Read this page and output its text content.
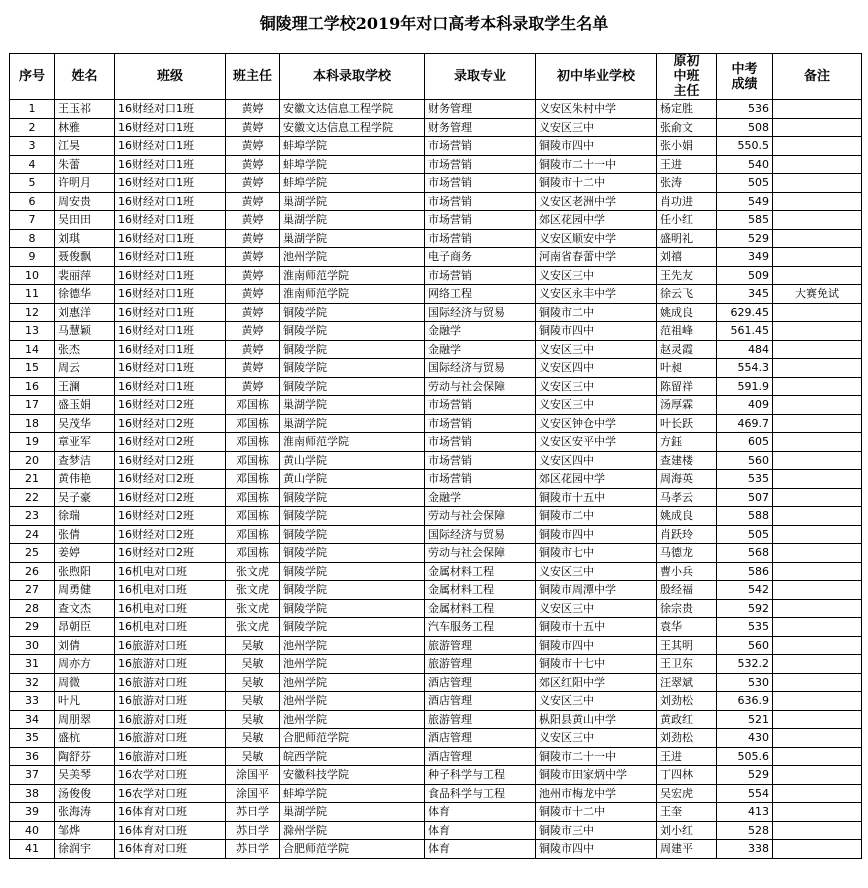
铜陵理工学校2019年对口高考本科录取学生名单
序号	姓名	班级	班主任	本科录取学校	录取专业	初中毕业学校	原初中班主任	中考成绩	备注
1	王玉祁	16财经对口1班	黄婷	安徽文达信息工程学院	财务管理	义安区朱村中学	杨定胜	536	
2	林雅	16财经对口1班	黄婷	安徽文达信息工程学院	财务管理	义安区三中	张俞文	508	
3	江昊	16财经对口1班	黄婷	蚌埠学院	市场营销	铜陵市四中	张小娟	550.5	
4	朱蕾	16财经对口1班	黄婷	蚌埠学院	市场营销	铜陵市二十一中	王进	540	
5	许明月	16财经对口1班	黄婷	蚌埠学院	市场营销	铜陵市十二中	张涛	505	
6	周安贵	16财经对口1班	黄婷	巢湖学院	市场营销	义安区老洲中学	肖功进	549	
7	吴田田	16财经对口1班	黄婷	巢湖学院	市场营销	郊区花园中学	任小红	585	
8	刘琪	16财经对口1班	黄婷	巢湖学院	市场营销	义安区顺安中学	盛明礼	529	
9	聂俊飘	16财经对口1班	黄婷	池州学院	电子商务	河南省春蕾中学	刘禧	349	
10	裴丽萍	16财经对口1班	黄婷	淮南师范学院	市场营销	义安区三中	王先友	509	
11	徐德华	16财经对口1班	黄婷	淮南师范学院	网络工程	义安区永丰中学	徐云飞	345	大赛免试
12	刘惠洋	16财经对口1班	黄婷	铜陵学院	国际经济与贸易	铜陵市二中	姚成良	629.45	
13	马慧颖	16财经对口1班	黄婷	铜陵学院	金融学	铜陵市四中	范祖峰	561.45	
14	张杰	16财经对口1班	黄婷	铜陵学院	金融学	义安区三中	赵灵霞	484	
15	周云	16财经对口1班	黄婷	铜陵学院	国际经济与贸易	义安区四中	叶昶	554.3	
16	王澜	16财经对口1班	黄婷	铜陵学院	劳动与社会保障	义安区三中	陈留祥	591.9	
17	盛玉娟	16财经对口2班	邓国栋	巢湖学院	市场营销	义安区三中	汤厚霖	409	
18	吴茂华	16财经对口2班	邓国栋	巢湖学院	市场营销	义安区钟仓中学	叶长跃	469.7	
19	章亚军	16财经对口2班	邓国栋	淮南师范学院	市场营销	义安区安平中学	方鈺	605	
20	查梦洁	16财经对口2班	邓国栋	黄山学院	市场营销	义安区四中	查建楼	560	
21	黄伟艳	16财经对口2班	邓国栋	黄山学院	市场营销	郊区花园中学	周海英	535	
22	吴子豪	16财经对口2班	邓国栋	铜陵学院	金融学	铜陵市十五中	马孝云	507	
23	徐瑞	16财经对口2班	邓国栋	铜陵学院	劳动与社会保障	铜陵市二中	姚成良	588	
24	张倩	16财经对口2班	邓国栋	铜陵学院	国际经济与贸易	铜陵市四中	肖跃玲	505	
25	姜婷	16财经对口2班	邓国栋	铜陵学院	劳动与社会保障	铜陵市七中	马德龙	568	
26	张煦阳	16机电对口班	张文虎	铜陵学院	金属材料工程	义安区三中	曹小兵	586	
27	周勇健	16机电对口班	张文虎	铜陵学院	金属材料工程	铜陵市周潭中学	殷经福	542	
28	查文杰	16机电对口班	张文虎	铜陵学院	金属材料工程	义安区三中	徐宗贵	592	
29	昂朝臣	16机电对口班	张文虎	铜陵学院	汽车服务工程	铜陵市十五中	袁华	535	
30	刘倩	16旅游对口班	吴敏	池州学院	旅游管理	铜陵市四中	王其明	560	
31	周亦方	16旅游对口班	吴敏	池州学院	旅游管理	铜陵市十七中	王卫东	532.2	
32	周微	16旅游对口班	吴敏	池州学院	酒店管理	郊区红阳中学	汪翠斌	530	
33	叶凡	16旅游对口班	吴敏	池州学院	酒店管理	义安区三中	刘劲松	636.9	
34	周朋翠	16旅游对口班	吴敏	池州学院	旅游管理	枞阳县黄山中学	黄政红	521	
35	盛杭	16旅游对口班	吴敏	合肥师范学院	酒店管理	义安区三中	刘劲松	430	
36	陶舒芬	16旅游对口班	吴敏	皖西学院	酒店管理	铜陵市二十一中	王进	505.6	
37	吴美琴	16农学对口班	涂国平	安徽科技学院	种子科学与工程	铜陵市田家炳中学	丁四林	529	
38	汤俊俊	16农学对口班	涂国平	蚌埠学院	食品科学与工程	池州市梅龙中学	吴宏虎	554	
39	张海涛	16体育对口班	苏日学	巢湖学院	体育	铜陵市十二中	王奎	413	
40	邹烨	16体育对口班	苏日学	滁州学院	体育	铜陵市三中	刘小红	528	
41	徐润宇	16体育对口班	苏日学	合肥师范学院	体育	铜陵市四中	周建平	338	
